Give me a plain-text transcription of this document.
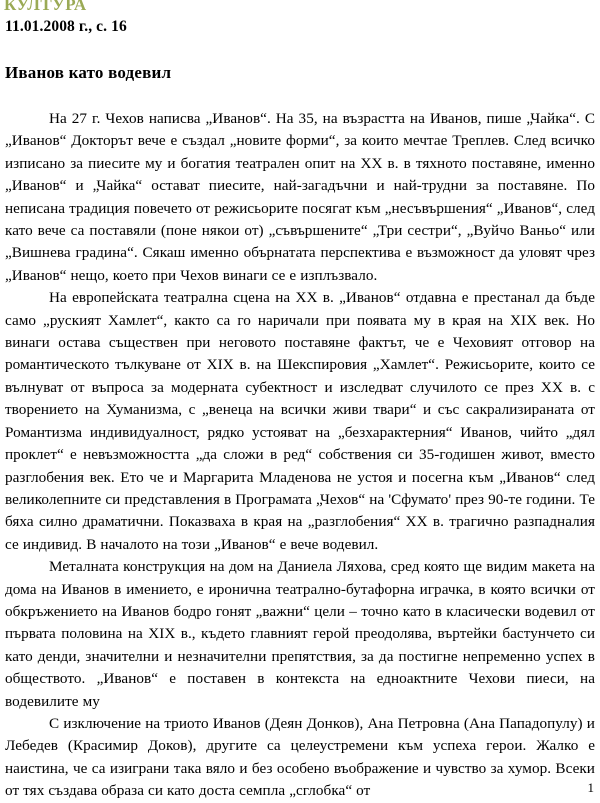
КУЛТУРА
11.01.2008 г., с. 16
Иванов като водевил

На 27 г. Чехов написва „Иванов“. На 35, на възрастта на Иванов, пише „Чайка“. С „Иванов“ Докторът вече е създал „новите форми“, за които мечтае Треплев. След всичко изписано за пиесите му и богатия театрален опит на XX в. в тяхното поставяне, именно „Иванов“ и „Чайка“ остават пиесите, най-загадъчни и най-трудни за поставяне. По неписана традиция повечето от режисьорите посягат към „несъвършения“ „Иванов“, след като вече са поставяли (поне някои от) „съвършените“ „Три сестри“, „Вуйчо Ваньо“ или „Вишнева градина“. Сякаш именно обърнатата перспектива е възможност да уловят чрез „Иванов“ нещо, което при Чехов винаги се е изплъзвало.

На европейската театрална сцена на XX в. „Иванов“ отдавна е престанал да бъде само „руският Хамлет“, както са го наричали при появата му в края на XIX век. Но винаги остава съществен при неговото поставяне фактът, че е Чеховият отговор на романтическото тълкуване от XIX в. на Шекспировия „Хамлет“. Режисьорите, които се вълнуват от въпроса за модерната субектност и изследват случилото се през XX в. с творението на Хуманизма, с „венеца на всички живи твари“ и със сакрализираната от Романтизма индивидуалност, рядко устояват на „безхарактерния“ Иванов, чийто „дял проклет“ е невъзможността „да сложи в ред“ собствения си 35-годишен живот, вместо разглобения век. Ето че и Маргарита Младенова не устоя и посегна към „Иванов“ след великолепните си представления в Програмата „Чехов“ на 'Сфумато' през 90-те години. Те бяха силно драматични. Показваха в края на „разглобения“ XX в. трагично разпадналия се индивид. В началото на този „Иванов“ е вече водевил.

Металната конструкция на дом на Даниела Ляхова, сред която ще видим макета на дома на Иванов в имението, е иронична театрално-бутафорна играчка, в която всички от обкръжението на Иванов бодро гонят „важни“ цели – точно като в класически водевил от първата половина на XIX в., където главният герой преодолява, въртейки бастунчето си като денди, значителни и незначителни препятствия, за да постигне непременно успех в обществото. „Иванов“ е поставен в контекста на едноактните Чехови пиеси, на водевилите му

С изключение на триото Иванов (Деян Донков), Ана Петровна (Ана Пападопулу) и Лебедев (Красимир Доков), другите са целеустремени към успеха герои. Жалко е наистина, че са изиграни така вяло и без особено въображение и чувство за хумор. Всеки от тях създава образа си като доста семпла „сглобка“ от	1
